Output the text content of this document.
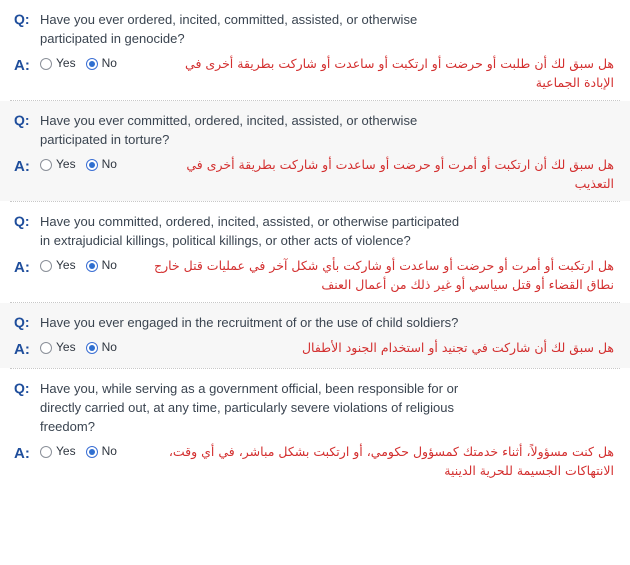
Q: Have you ever ordered, incited, committed, assisted, or otherwise participated in genocide?
A:	Yes No	هل سبق لك أن طلبت أو حرضت أو ارتكبت أو ساعدت أو شاركت بطريقة أخرى في الإبادة الجماعية
Q: Have you ever committed, ordered, incited, assisted, or otherwise participated in torture?
A:	Yes No	هل سبق لك أن ارتكبت أو أمرت أو حرضت أو ساعدت أو شاركت بطريقة أخرى في التعذيب
Q: Have you committed, ordered, incited, assisted, or otherwise participated in extrajudicial killings, political killings, or other acts of violence?
A:	Yes No	هل ارتكبت أو أمرت أو حرضت أو ساعدت أو شاركت بأي شكل آخر في عمليات قتل خارج نطاق القضاء أو قتل سياسي أو غير ذلك من أعمال العنف
Q: Have you ever engaged in the recruitment of or the use of child soldiers?
A:	Yes No	هل سبق لك أن شاركت في تجنيد أو استخدام الجنود الأطفال
Q: Have you, while serving as a government official, been responsible for or directly carried out, at any time, particularly severe violations of religious freedom?
A:	Yes No	هل كنت مسؤولاً، أثناء خدمتك كمسؤول حكومي، أو ارتكبت بشكل مباشر، في أي وقت، الانتهاكات الجسيمة للحرية الدينية
